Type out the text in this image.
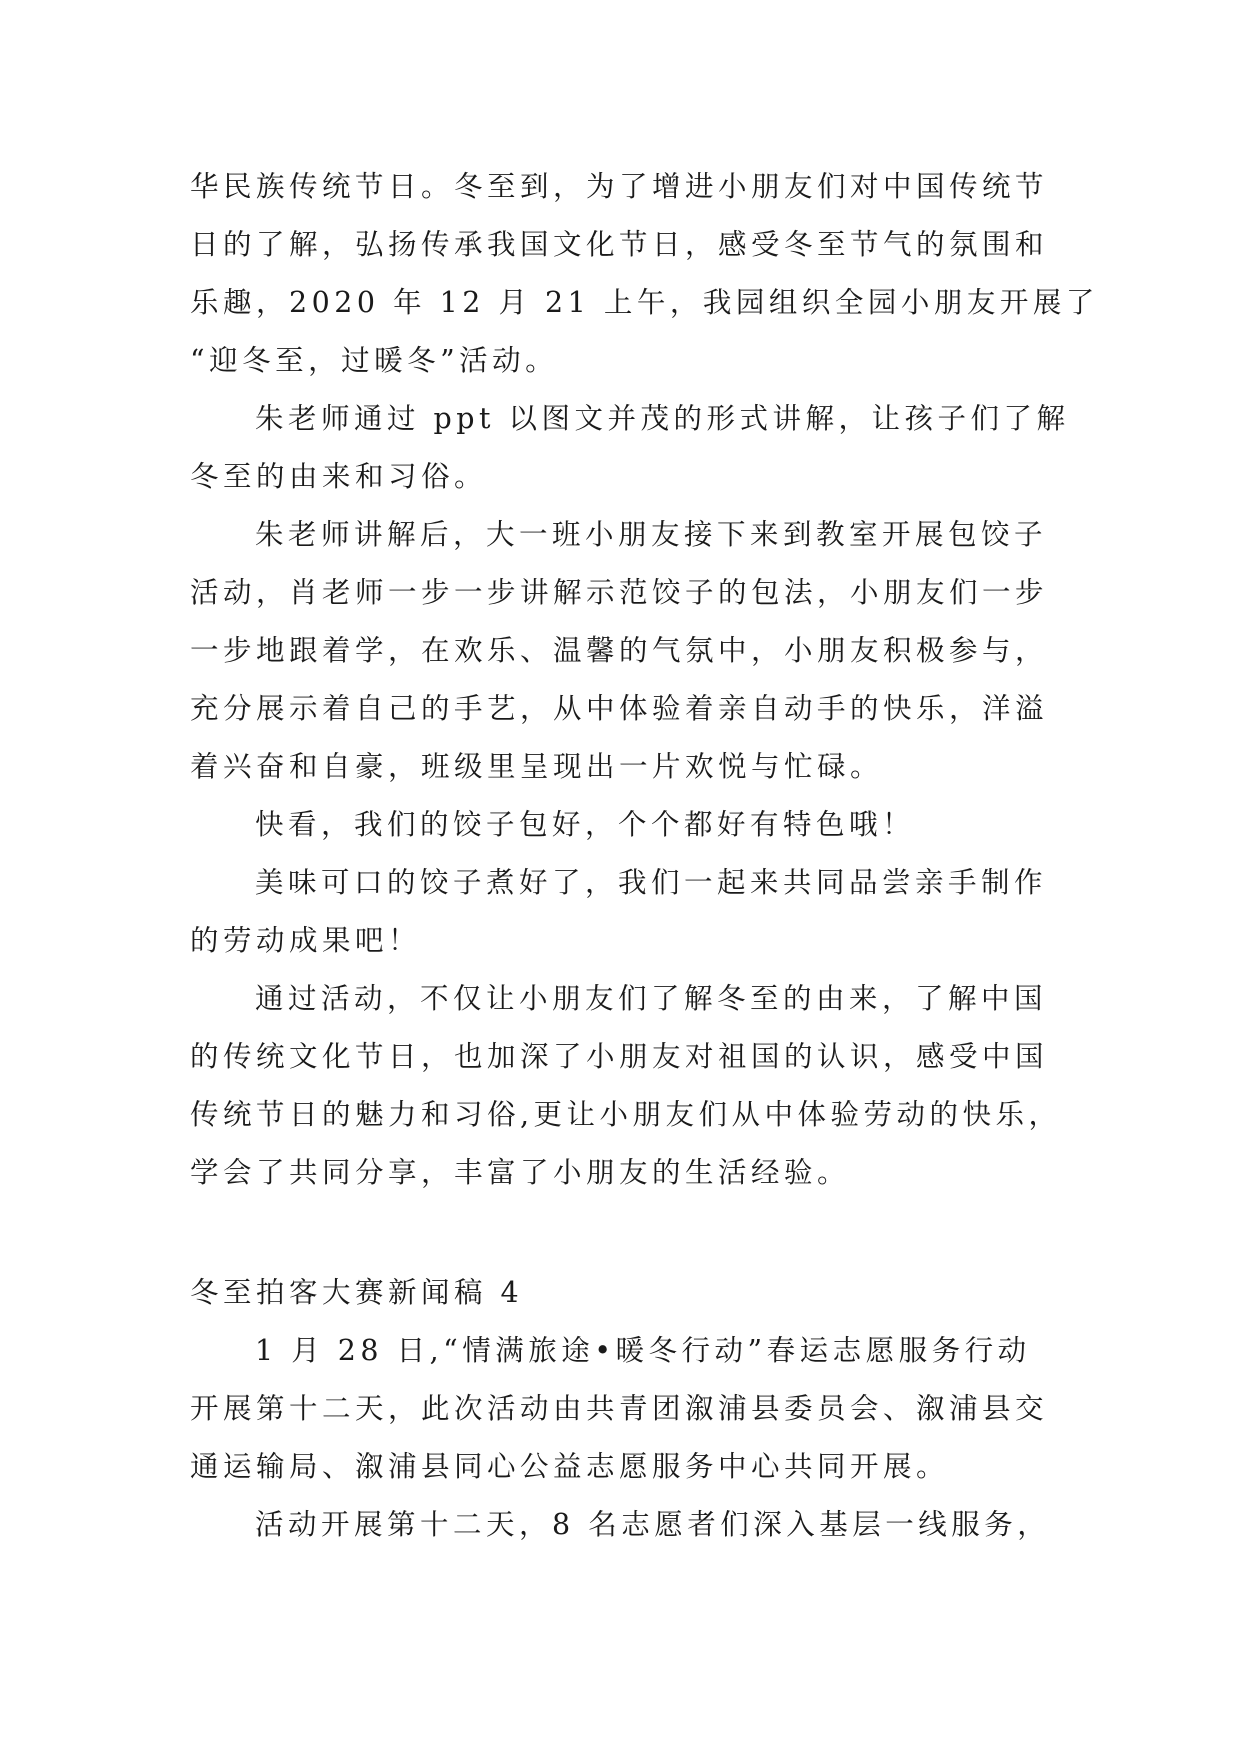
华民族传统节日。冬至到，为了增进小朋友们对中国传统节
日的了解，弘扬传承我国文化节日，感受冬至节气的氛围和
乐趣，2020 年 12 月 21 上午，我园组织全园小朋友开展了
“迎冬至，过暖冬”活动。
朱老师通过 ppt 以图文并茂的形式讲解，让孩子们了解
冬至的由来和习俗。
朱老师讲解后，大一班小朋友接下来到教室开展包饺子
活动，肖老师一步一步讲解示范饺子的包法，小朋友们一步
一步地跟着学，在欢乐、温馨的气氛中，小朋友积极参与，
充分展示着自己的手艺，从中体验着亲自动手的快乐，洋溢
着兴奋和自豪，班级里呈现出一片欢悦与忙碌。
快看，我们的饺子包好，个个都好有特色哦！
美味可口的饺子煮好了，我们一起来共同品尝亲手制作
的劳动成果吧！
通过活动，不仅让小朋友们了解冬至的由来，了解中国
的传统文化节日，也加深了小朋友对祖国的认识，感受中国
传统节日的魅力和习俗,更让小朋友们从中体验劳动的快乐，
学会了共同分享，丰富了小朋友的生活经验。
冬至拍客大赛新闻稿 4
1 月 28 日,“情满旅途•暖冬行动”春运志愿服务行动
开展第十二天，此次活动由共青团溆浦县委员会、溆浦县交
通运输局、溆浦县同心公益志愿服务中心共同开展。
活动开展第十二天，8 名志愿者们深入基层一线服务，
